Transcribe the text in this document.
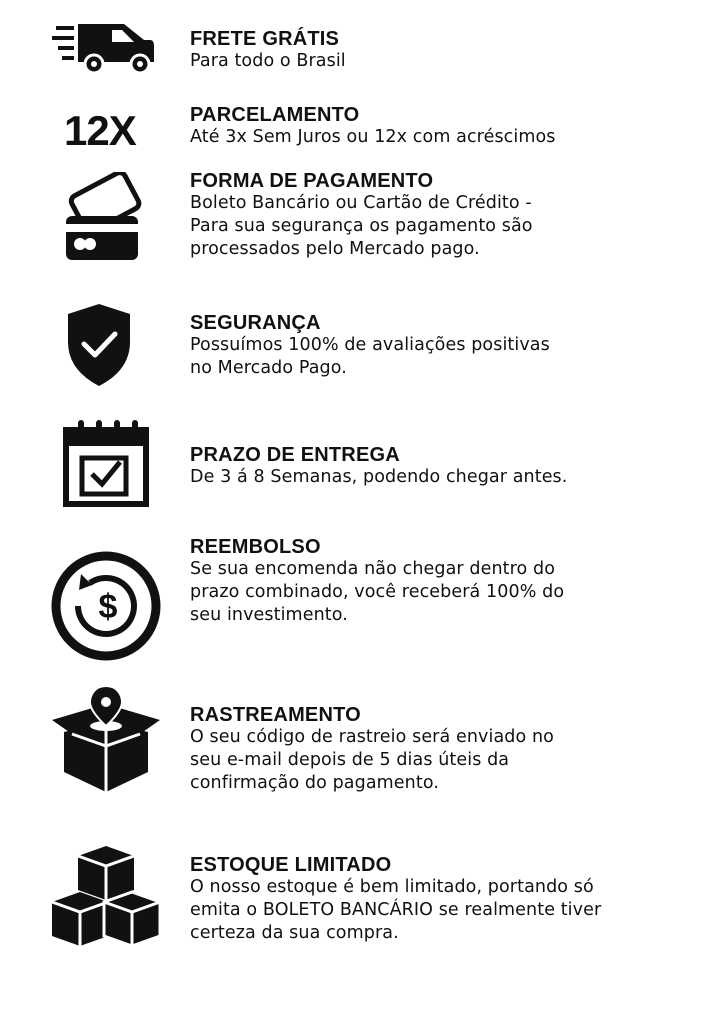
FRETE GRÁTIS
Para todo o Brasil
12X	PARCELAMENTO
Até 3x Sem Juros ou 12x com acréscimos
FORMA DE PAGAMENTO
Boleto Bancário ou Cartão de Crédito -
Para sua segurança os pagamento são
processados pelo Mercado pago.
SEGURANÇA
Possuímos 100% de avaliações positivas
no Mercado Pago.
PRAZO DE ENTREGA
De 3 á 8 Semanas, podendo chegar antes.
$
REEMBOLSO
Se sua encomenda não chegar dentro do
prazo combinado, você receberá 100% do
seu investimento.
RASTREAMENTO
O seu código de rastreio será enviado no
seu e-mail depois de 5 dias úteis da
confirmação do pagamento.
ESTOQUE LIMITADO
O nosso estoque é bem limitado, portando só
emita o BOLETO BANCÁRIO se realmente tiver
certeza da sua compra.
